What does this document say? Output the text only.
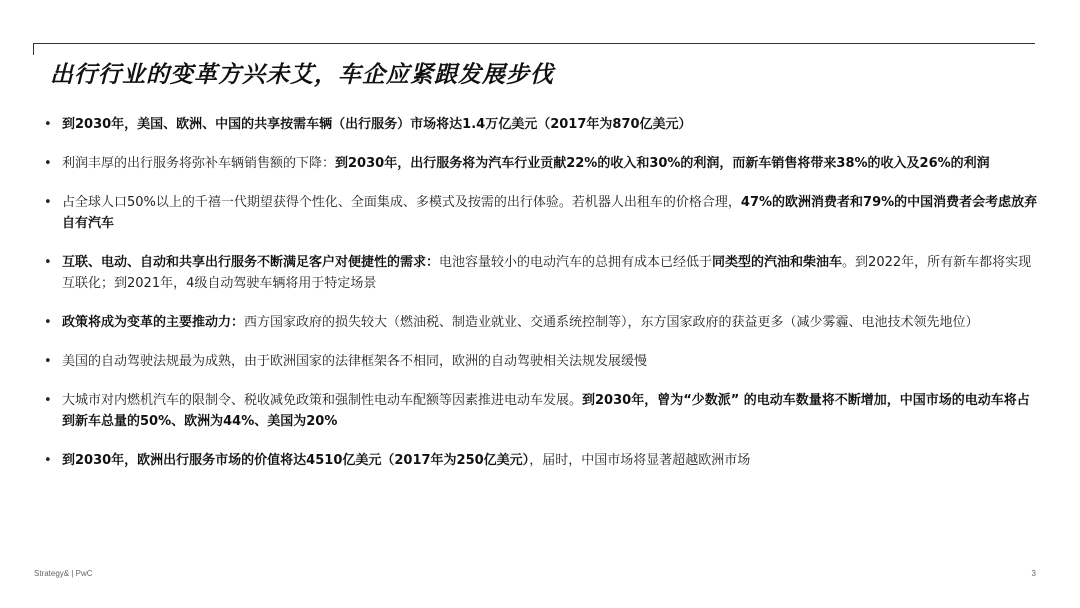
出行行业的变革方兴未艾，车企应紧跟发展步伐
• 到2030年，美国、欧洲、中国的共享按需车辆（出行服务）市场将达1.4万亿美元（2017年为870亿美元）
• 利润丰厚的出行服务将弥补车辆销售额的下降：到2030年，出行服务将为汽车行业贡献22%的收入和30%的利润，而新车销售将带来38%的收入及26%的利润
• 占全球人口50%以上的千禧一代期望获得个性化、全面集成、多模式及按需的出行体验。若机器人出租车的价格合理，47%的欧洲消费者和79%的中国消费者会考虑放弃自有汽车
• 互联、电动、自动和共享出行服务不断满足客户对便捷性的需求：电池容量较小的电动汽车的总拥有成本已经低于同类型的汽油和柴油车。到2022年，所有新车都将实现互联化；到2021年，4级自动驾驶车辆将用于特定场景
• 政策将成为变革的主要推动力：西方国家政府的损失较大（燃油税、制造业就业、交通系统控制等），东方国家政府的获益更多（减少雾霾、电池技术领先地位）
• 美国的自动驾驶法规最为成熟，由于欧洲国家的法律框架各不相同，欧洲的自动驾驶相关法规发展缓慢
• 大城市对内燃机汽车的限制令、税收减免政策和强制性电动车配额等因素推进电动车发展。到2030年，曾为“少数派” 的电动车数量将不断增加，中国市场的电动车将占到新车总量的50%、欧洲为44%、美国为20%
• 到2030年，欧洲出行服务市场的价值将达4510亿美元（2017年为250亿美元），届时，中国市场将显著超越欧洲市场
Strategy& | PwC	3
